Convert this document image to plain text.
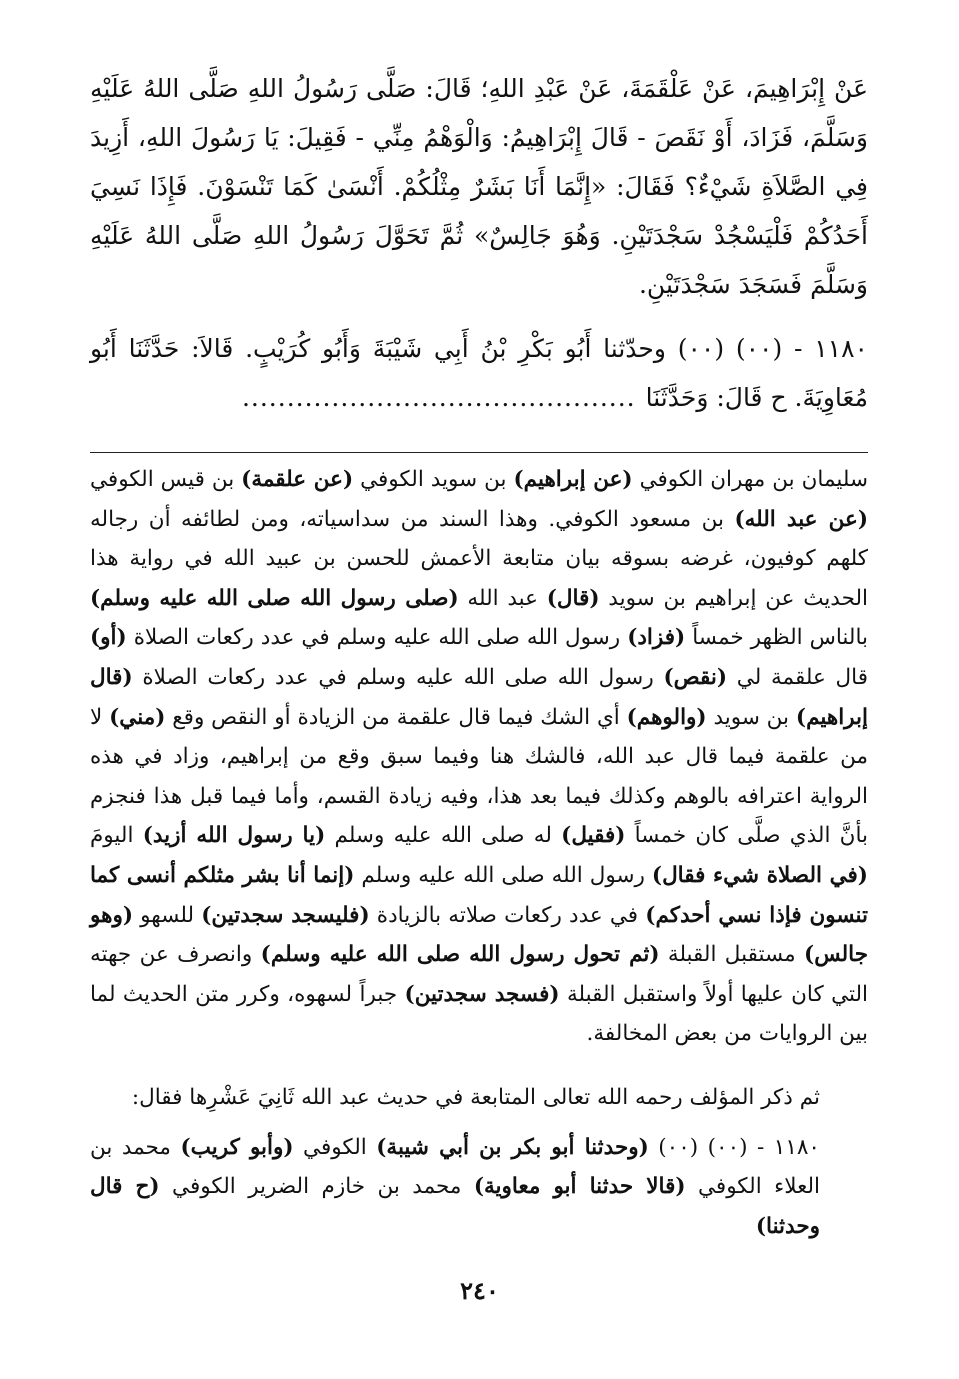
عَنْ إِبْرَاهِيمَ، عَنْ عَلْقَمَةَ، عَنْ عَبْدِ اللهِ؛ قَالَ: صَلَّى رَسُولُ اللهِ صَلَّى اللهُ عَلَيْهِ وَسَلَّمَ، فَزَادَ، أَوْ نَقَصَ - قَالَ إِبْرَاهِيمُ: وَالْوَهْمُ مِنِّي - فَقِيلَ: يَا رَسُولَ اللهِ، أَزِيدَ فِي الصَّلاَةِ شَيْءٌ؟ فَقَالَ: «إِنَّمَا أَنَا بَشَرٌ مِثْلُكُمْ. أَنْسَىٰ كَمَا تَنْسَوْنَ. فَإِذَا نَسِيَ أَحَدُكُمْ فَلْيَسْجُدْ سَجْدَتَيْنِ. وَهُوَ جَالِسٌ» ثُمَّ تَحَوَّلَ رَسُولُ اللهِ صَلَّى اللهُ عَلَيْهِ وَسَلَّمَ فَسَجَدَ سَجْدَتَيْنِ.

١١٨٠ - (٠٠) (٠٠) وحدّثنا أَبُو بَكْرِ بْنُ أَبِي شَيْبَةَ وَأَبُو كُرَيْبٍ. قَالاَ: حَدَّثَنَا أَبُو مُعَاوِيَةَ. ح قَالَ: وَحَدَّثَنَا............................................

سليمان بن مهران الكوفي (عن إبراهيم) بن سويد الكوفي (عن علقمة) بن قيس الكوفي (عن عبد الله) بن مسعود الكوفي. وهذا السند من سداسياته، ومن لطائفه أن رجاله كلهم كوفيون، غرضه بسوقه بيان متابعة الأعمش للحسن بن عبيد الله في رواية هذا الحديث عن إبراهيم بن سويد (قال) عبد الله (صلى رسول الله صلى الله عليه وسلم) بالناس الظهر خمساً (فزاد) رسول الله صلى الله عليه وسلم في عدد ركعات الصلاة (أو) قال علقمة لي (نقص) رسول الله صلى الله عليه وسلم في عدد ركعات الصلاة (قال إبراهيم) بن سويد (والوهم) أي الشك فيما قال علقمة من الزيادة أو النقص وقع (مني) لا من علقمة فيما قال عبد الله، فالشك هنا وفيما سبق وقع من إبراهيم، وزاد في هذه الرواية اعترافه بالوهم وكذلك فيما بعد هذا، وفيه زيادة القسم، وأما فيما قبل هذا فنجزم بأنَّ الذي صلَّى كان خمساً (فقيل) له صلى الله عليه وسلم (يا رسول الله أزيد) اليومَ (في الصلاة شيء فقال) رسول الله صلى الله عليه وسلم (إنما أنا بشر مثلكم أنسى كما تنسون فإذا نسي أحدكم) في عدد ركعات صلاته بالزيادة (فليسجد سجدتين) للسهو (وهو جالس) مستقبل القبلة (ثم تحول رسول الله صلى الله عليه وسلم) وانصرف عن جهته التي كان عليها أولاً واستقبل القبلة (فسجد سجدتين) جبراً لسهوه، وكرر متن الحديث لما بين الروايات من بعض المخالفة.

ثم ذكر المؤلف رحمه الله تعالى المتابعة في حديث عبد الله ثَانِيَ عَشْرِها فقال:

١١٨٠ - (٠٠) (٠٠) (وحدثنا أبو بكر بن أبي شيبة) الكوفي (وأبو كريب) محمد بن العلاء الكوفي (قالا حدثنا أبو معاوية) محمد بن خازم الضرير الكوفي (ح قال وحدثنا)

٢٤٠
